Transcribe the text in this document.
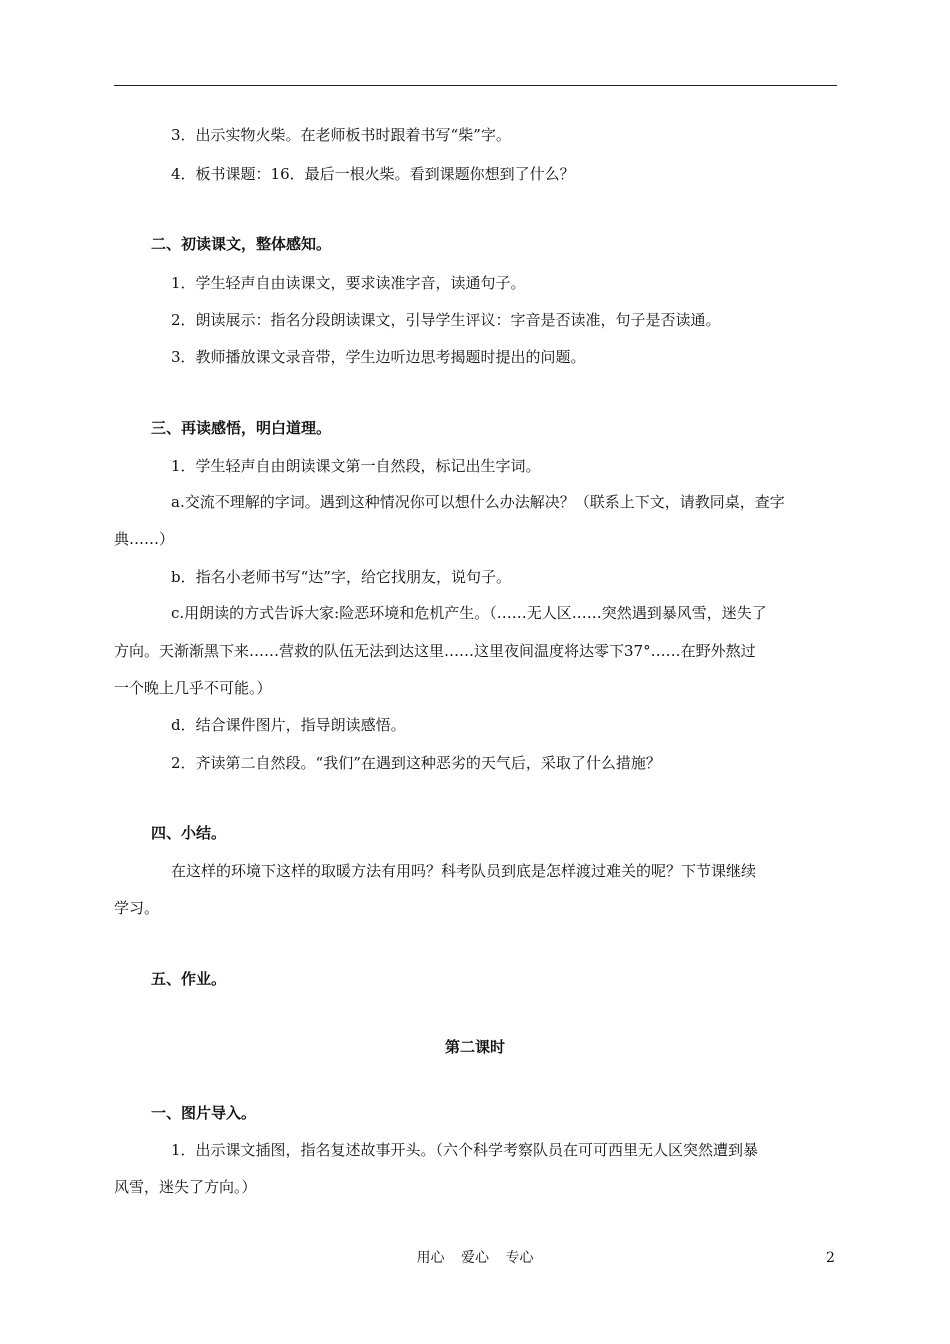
3．出示实物火柴。在老师板书时跟着书写“柴”字。
4．板书课题：16．最后一根火柴。看到课题你想到了什么？
二、初读课文，整体感知。
1．学生轻声自由读课文，要求读准字音，读通句子。
2．朗读展示：指名分段朗读课文，引导学生评议：字音是否读准，句子是否读通。
3．教师播放课文录音带，学生边听边思考揭题时提出的问题。
三、再读感悟，明白道理。
1．学生轻声自由朗读课文第一自然段，标记出生字词。
a.交流不理解的字词。遇到这种情况你可以想什么办法解决？（联系上下文，请教同桌，查字
典……）
b．指名小老师书写“达”字，给它找朋友，说句子。
c.用朗读的方式告诉大家:险恶环境和危机产生。（……无人区……突然遇到暴风雪，迷失了
方向。天渐渐黑下来……营救的队伍无法到达这里……这里夜间温度将达零下37°……在野外熬过
一个晚上几乎不可能。）
d．结合课件图片，指导朗读感悟。
2．齐读第二自然段。“我们”在遇到这种恶劣的天气后，采取了什么措施？
四、小结。
在这样的环境下这样的取暖方法有用吗？科考队员到底是怎样渡过难关的呢？下节课继续
学习。
五、作业。
第二课时
一、图片导入。
1．出示课文插图，指名复述故事开头。（六个科学考察队员在可可西里无人区突然遭到暴
风雪，迷失了方向。）
用心 爱心 专心	2
